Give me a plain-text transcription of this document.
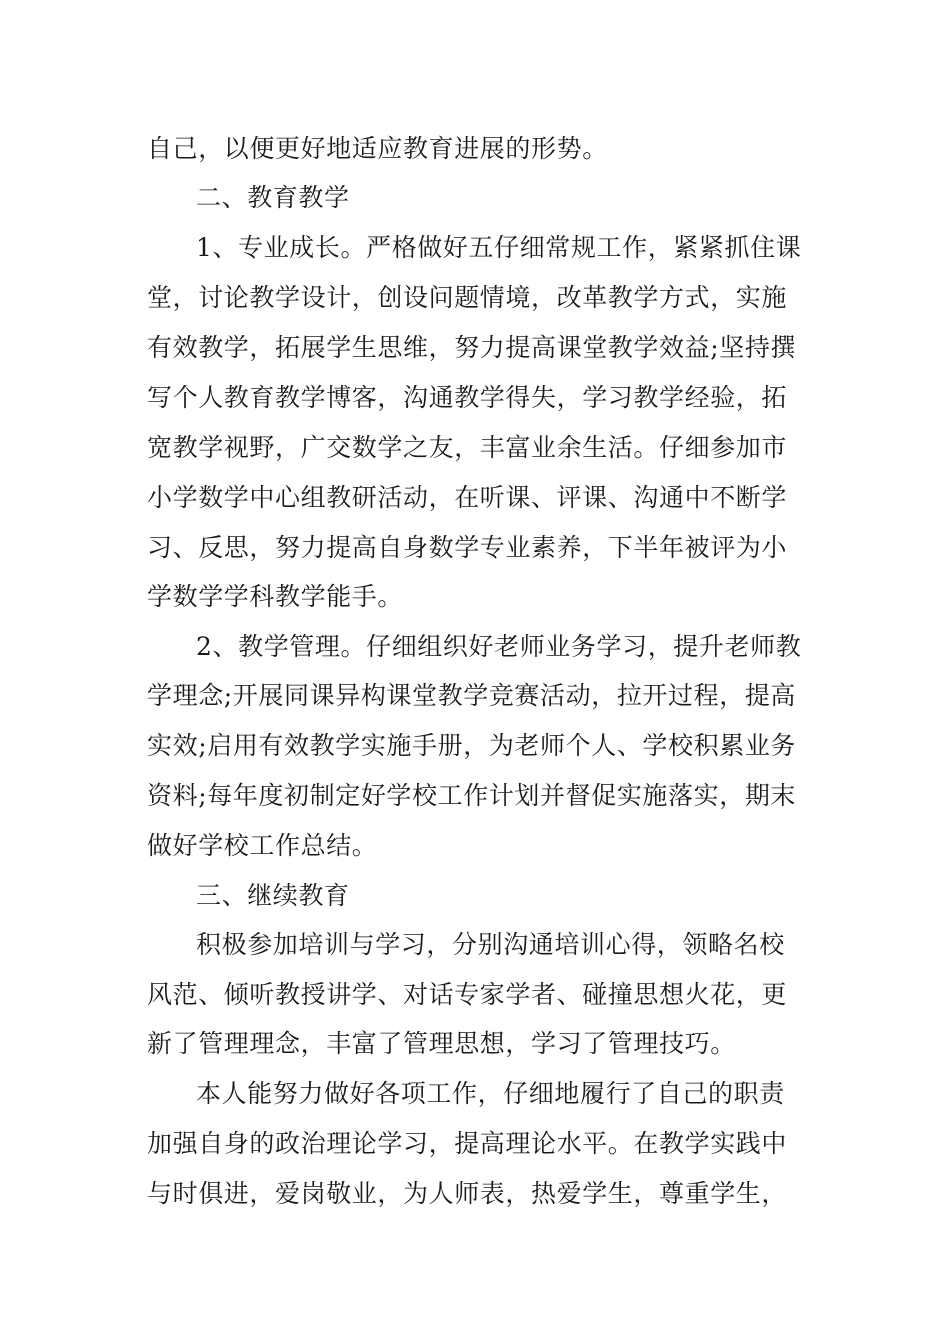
自己，以便更好地适应教育进展的形势。
二、教育教学
1、专业成长。严格做好五仔细常规工作，紧紧抓住课
堂，讨论教学设计，创设问题情境，改革教学方式，实施
有效教学，拓展学生思维，努力提高课堂教学效益;坚持撰
写个人教育教学博客，沟通教学得失，学习教学经验，拓
宽教学视野，广交数学之友，丰富业余生活。仔细参加市
小学数学中心组教研活动，在听课、评课、沟通中不断学
习、反思，努力提高自身数学专业素养，下半年被评为小
学数学学科教学能手。
2、教学管理。仔细组织好老师业务学习，提升老师教
学理念;开展同课异构课堂教学竞赛活动，拉开过程，提高
实效;启用有效教学实施手册，为老师个人、学校积累业务
资料;每年度初制定好学校工作计划并督促实施落实，期末
做好学校工作总结。
三、继续教育
积极参加培训与学习，分别沟通培训心得，领略名校
风范、倾听教授讲学、对话专家学者、碰撞思想火花，更
新了管理理念，丰富了管理思想，学习了管理技巧。
本人能努力做好各项工作，仔细地履行了自己的职责
加强自身的政治理论学习，提高理论水平。在教学实践中
与时俱进，爱岗敬业，为人师表，热爱学生，尊重学生，
